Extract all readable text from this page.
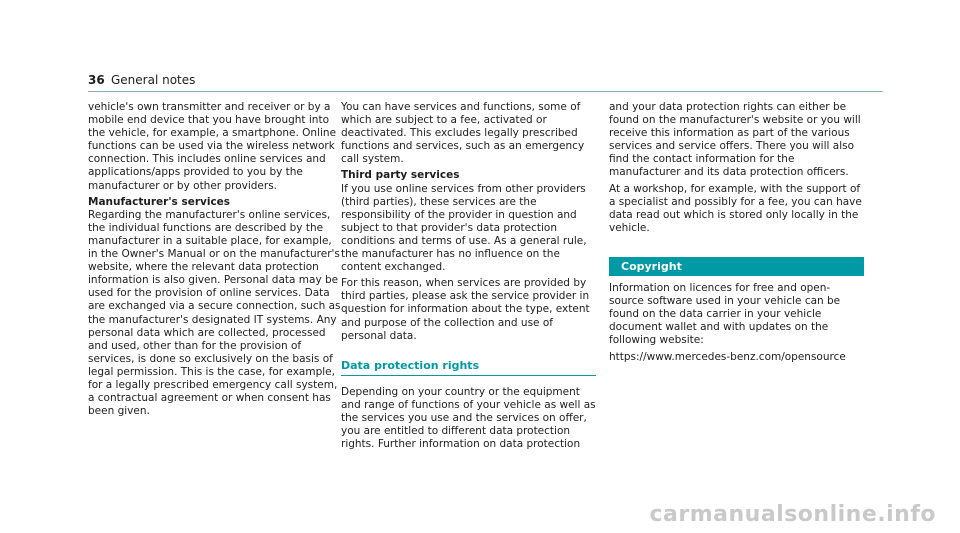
36 General notes

vehicle's own transmitter and receiver or by a mobile end device that you have brought into the vehicle, for example, a smartphone. Online functions can be used via the wireless network connection. This includes online services and applications/apps provided to you by the manufacturer or by other providers.

Manufacturer's services

Regarding the manufacturer's online services, the individual functions are described by the manufacturer in a suitable place, for example, in the Owner's Manual or on the manufacturer's website, where the relevant data protection information is also given. Personal data may be used for the provision of online services. Data are exchanged via a secure connection, such as the manufacturer's designated IT systems. Any personal data which are collected, processed and used, other than for the provision of services, is done so exclusively on the basis of legal permission. This is the case, for example, for a legally prescribed emergency call system, a contractual agreement or when consent has been given.

You can have services and functions, some of which are subject to a fee, activated or deactivated. This excludes legally prescribed functions and services, such as an emergency call system.

Third party services

If you use online services from other providers (third parties), these services are the responsibility of the provider in question and subject to that provider's data protection conditions and terms of use. As a general rule, the manufacturer has no influence on the content exchanged.

For this reason, when services are provided by third parties, please ask the service provider in question for information about the type, extent and purpose of the collection and use of personal data.

Data protection rights

Depending on your country or the equipment and range of functions of your vehicle as well as the services you use and the services on offer, you are entitled to different data protection rights. Further information on data protection

and your data protection rights can either be found on the manufacturer's website or you will receive this information as part of the various services and service offers. There you will also find the contact information for the manufacturer and its data protection officers.

At a workshop, for example, with the support of a specialist and possibly for a fee, you can have data read out which is stored only locally in the vehicle.

Copyright

Information on licences for free and open-source software used in your vehicle can be found on the data carrier in your vehicle document wallet and with updates on the following website:

https://www.mercedes-benz.com/opensource

carmanualsonline.info
